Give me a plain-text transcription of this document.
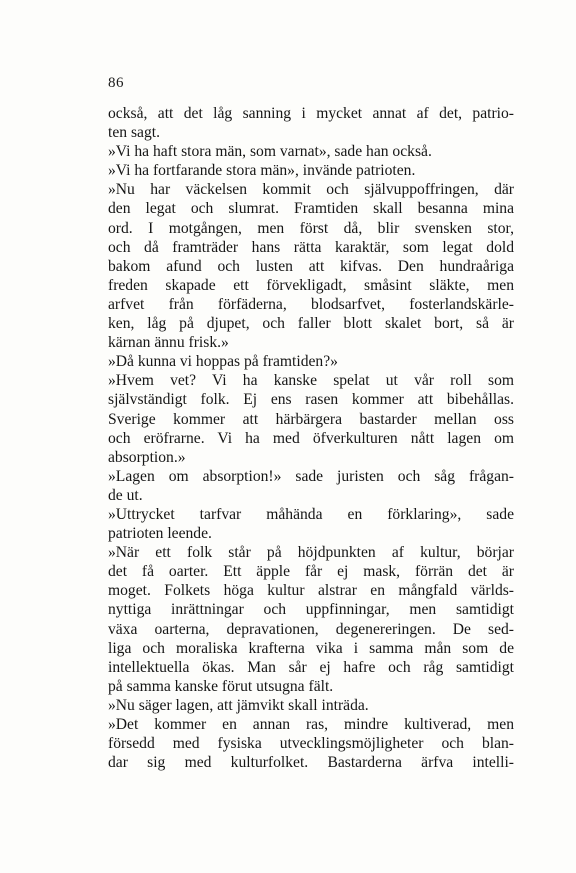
86
också, att det låg sanning i mycket annat af det, patrio-
ten sagt.
»Vi ha haft stora män, som varnat», sade han också.
»Vi ha fortfarande stora män», invände patrioten.
»Nu har väckelsen kommit och självuppoffringen, där
den legat och slumrat. Framtiden skall besanna mina
ord. I motgången, men först då, blir svensken stor,
och då framträder hans rätta karaktär, som legat dold
bakom afund och lusten att kifvas. Den hundraåriga
freden skapade ett förvekligadt, småsint släkte, men
arfvet från förfäderna, blodsarfvet, fosterlandskärle-
ken, låg på djupet, och faller blott skalet bort, så är
kärnan ännu frisk.»
»Då kunna vi hoppas på framtiden?»
»Hvem vet? Vi ha kanske spelat ut vår roll som
självständigt folk. Ej ens rasen kommer att bibehållas.
Sverige kommer att härbärgera bastarder mellan oss
och eröfrarne. Vi ha med öfverkulturen nått lagen om
absorption.»
»Lagen om absorption!» sade juristen och såg frågan-
de ut.
»Uttrycket tarfvar måhända en förklaring», sade
patrioten leende.
»När ett folk står på höjdpunkten af kultur, börjar
det få oarter. Ett äpple får ej mask, förrän det är
moget. Folkets höga kultur alstrar en mångfald världs-
nyttiga inrättningar och uppfinningar, men samtidigt
växa oarterna, depravationen, degenereringen. De sed-
liga och moraliska krafterna vika i samma mån som de
intellektuella ökas. Man sår ej hafre och råg samtidigt
på samma kanske förut utsugna fält.
»Nu säger lagen, att jämvikt skall inträda.
»Det kommer en annan ras, mindre kultiverad, men
försedd med fysiska utvecklingsmöjligheter och blan-
dar sig med kulturfolket. Bastarderna ärfva intelli-
